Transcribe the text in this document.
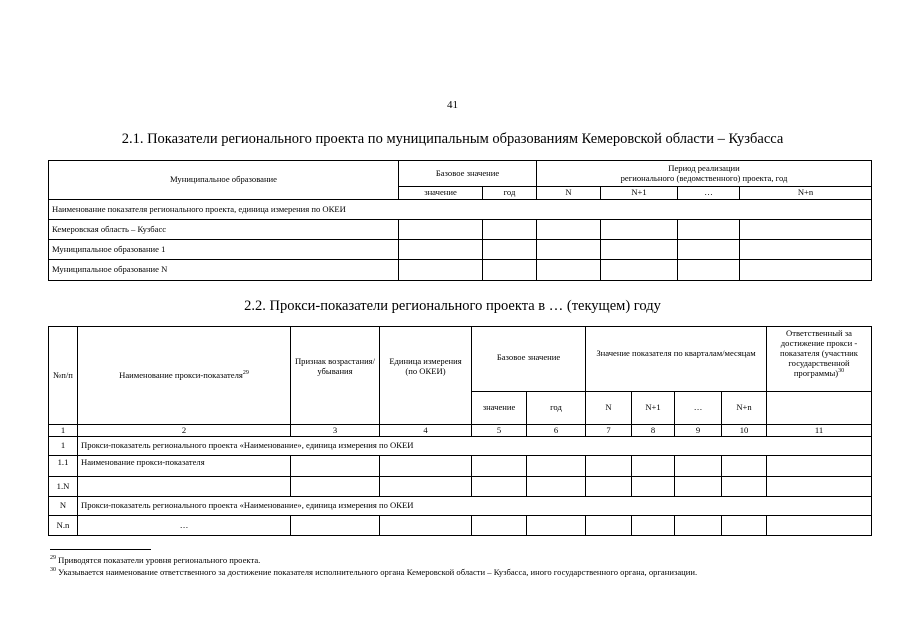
41
2.1. Показатели регионального проекта по муниципальным образованиям Кемеровской области – Кузбасса
Муниципальное образование	Базовое значение		Период реализации
регионального (ведомственного) проекта, год			
	значение	год	N	N+1	…	N+n
Наименование показателя регионального проекта, единица измерения по ОКЕИ						
Кемеровская область – Кузбасс						
Муниципальное образование 1						
Муниципальное образование N						
2.2. Прокси-показатели регионального проекта в … (текущем) году
№п/п	Наименование прокси-показателя$^{29}$	Признак возрастания/ убывания	Единица измерения (по ОКЕИ)	Базовое значение		Значение показателя по кварталам/месяцам				Ответственный за достижение прокси - показателя (участник государственной программы)$^{30}$
				значение	год	N	N+1	…	N+n	
1	2	3	4	5	6	7	8	9	10	11
1	Прокси-показатель регионального проекта «Наименование», единица измерения по ОКЕИ									
1.1	Наименование прокси-показателя									
1.N										
N	Прокси-показатель регионального проекта «Наименование», единица измерения по ОКЕИ									
N.n	…									
$^{29}$ Приводятся показатели уровня регионального проекта.
$^{30}$ Указывается наименование ответственного за достижение показателя исполнительного органа Кемеровской области – Кузбасса, иного государственного органа, организации.
